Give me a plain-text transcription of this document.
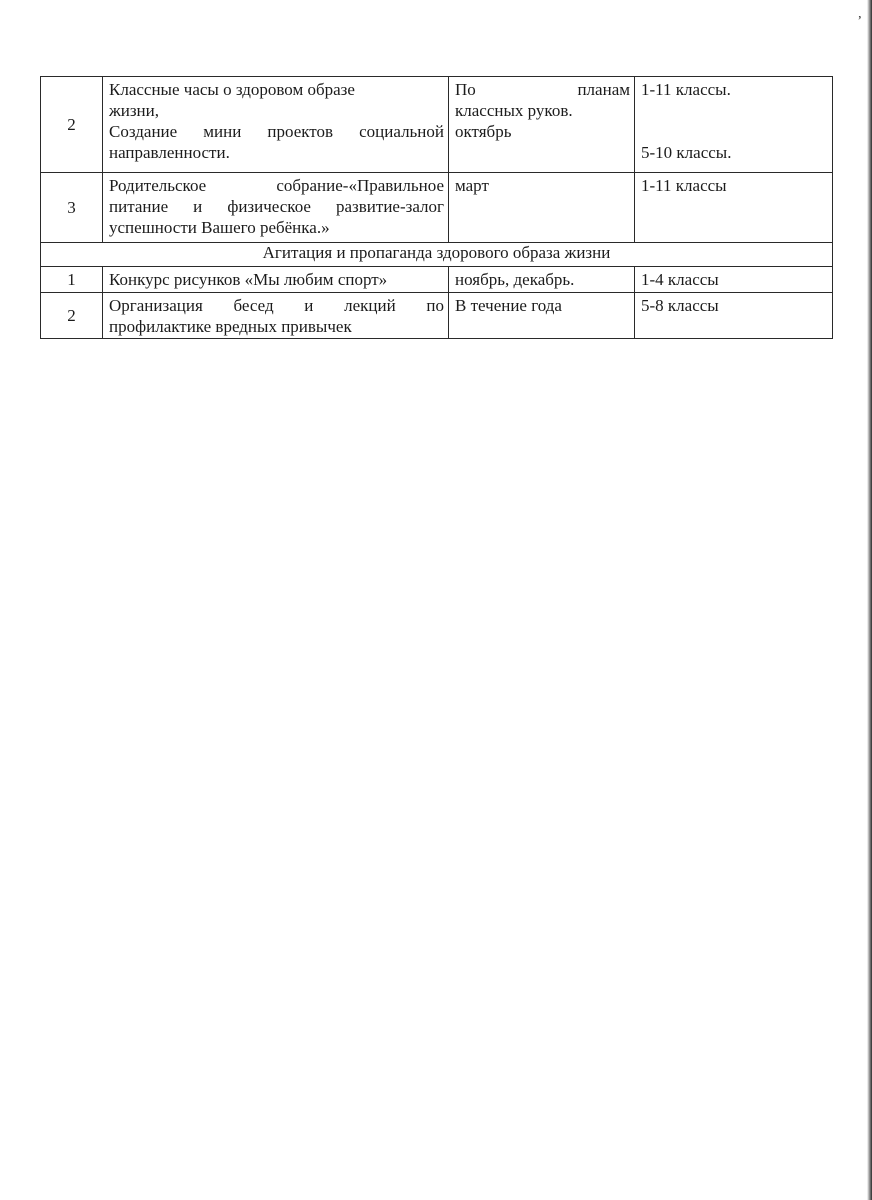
’
2	Классные часы о здоровом образе
жизни,
Создание мини проектов социальной
направленности.	По планам
классных руков.
октябрь	1-11 классы.
5-10 классы.

3	Родительское собрание-«Правильное
питание и физическое развитие-залог
успешности Вашего ребёнка.»	март	1-11 классы

Агитация и пропаганда здорового образа жизни			
1	Конкурс рисунков «Мы любим спорт»	ноябрь, декабрь.	1-4 классы

2	Организация бесед и лекций по
профилактике вредных привычек	В течение года	5-8 классы
